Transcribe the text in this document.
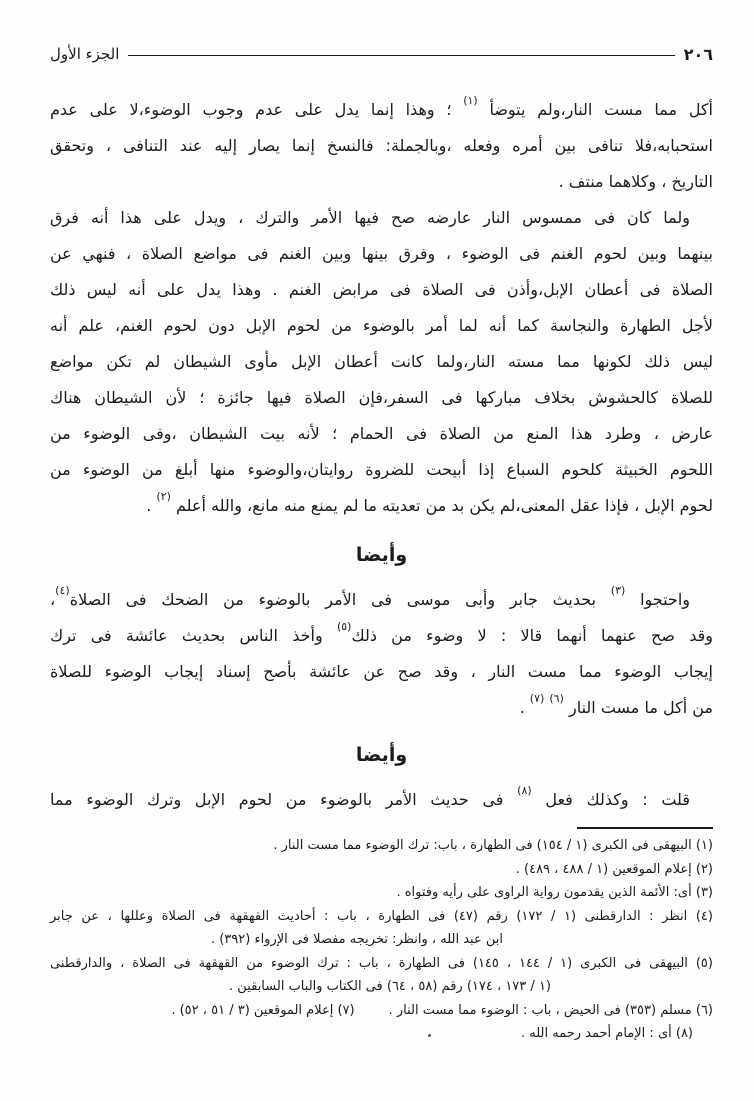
٢٠٦
الجزء الأول
أكل مما مست النار،ولم يتوضأ $^{(١)}$ ؛ وهذا إنما يدل على عدم وجوب الوضوء،لا على عدم
استحبابه،فلا تنافى بين أمره وفعله ،وبالجملة: فالنسخ إنما يصار إليه عند التنافى ، وتحقق
التاريخ ، وكلاهما منتف .
ولما كان فى ممسوس النار عارضه صح فيها الأمر والترك ، ويدل على هذا أنه فرق
بينهما وبين لحوم الغنم فى الوضوء ، وفرق بينها وبين الغنم فى مواضع الصلاة ، فنهي عن
الصلاة فى أعطان الإبل،وأذن فى الصلاة فى مرابض الغنم . وهذا يدل على أنه ليس ذلك
لأجل الطهارة والنجاسة كما أنه لما أمر بالوضوء من لحوم الإبل دون لحوم الغنم، علم أنه
ليس ذلك لكونها مما مسته النار،ولما كانت أعطان الإبل مأوى الشيطان لم تكن مواضع
للصلاة كالحشوش بخلاف مباركها فى السفر،فإن الصلاة فيها جائزة ؛ لأن الشيطان هناك
عارض ، وطرد هذا المنع من الصلاة فى الحمام ؛ لأنه بيت الشيطان ،وفى الوضوء من
اللحوم الخبيثة كلحوم السباع إذا أبيحت للضروة روايتان،والوضوء منها أبلغ من الوضوء من
لحوم الإبل ، فإذا عقل المعنى،لم يكن بد من تعديته ما لم يمنع منه مانع، والله أعلم $^{(٢)}$ .
وأيضا
واحتجوا $^{(٣)}$ بحديث جابر وأبى موسى فى الأمر بالوضوء من الضحك فى الصلاة$^{(٤)}$،
وقد صح عنهما أنهما قالا : لا وضوء من ذلك$^{(٥)}$ وأخذ الناس بحديث عائشة فى ترك
إيجاب الوضوء مما مست النار ، وقد صح عن عائشة بأصح إسناد إيجاب الوضوء للصلاة
من أكل ما مست النار $^{(٦)}$ $^{(٧)}$ .
وأيضا
قلت : وكذلك فعل $^{(٨)}$ فى حديث الأمر بالوضوء من لحوم الإبل وترك الوضوء مما
(١) البيهقى فى الكبرى (١ / ١٥٤) فى الطهارة ، باب: ترك الوضوء مما مست النار .
(٢) إعلام الموقعين (١ / ٤٨٨ ، ٤٨٩) .
(٣) أى: الأئمة الذين يقدمون رواية الراوى على رأيه وفتواه .
(٤) انظر : الدارقطنى (١ / ١٧٢) رقم (٤٧) فى الطهارة ، باب : أحاديث القهقهة فى الصلاة وعللها ، عن جابر
ابن عبد الله ، وانظر: تخريجه مفصلا فى الإرواء (٣٩٢) .
(٥) البيهقى فى الكبرى (١ / ١٤٤ ، ١٤٥) فى الطهارة ، باب : ترك الوضوء من القهقهة فى الصلاة ، والدارقطنى
(١ / ١٧٣ ، ١٧٤) رقم (٥٨ ، ٦٤) فى الكتاب والباب السابقين .
(٦) مسلم (٣٥٣) فى الحيض ، باب : الوضوء مما مست النار .
(٧) إعلام الموقعين (٣ / ٥١ ، ٥٢) .
(٨) أى : الإمام أحمد رحمه الله .
